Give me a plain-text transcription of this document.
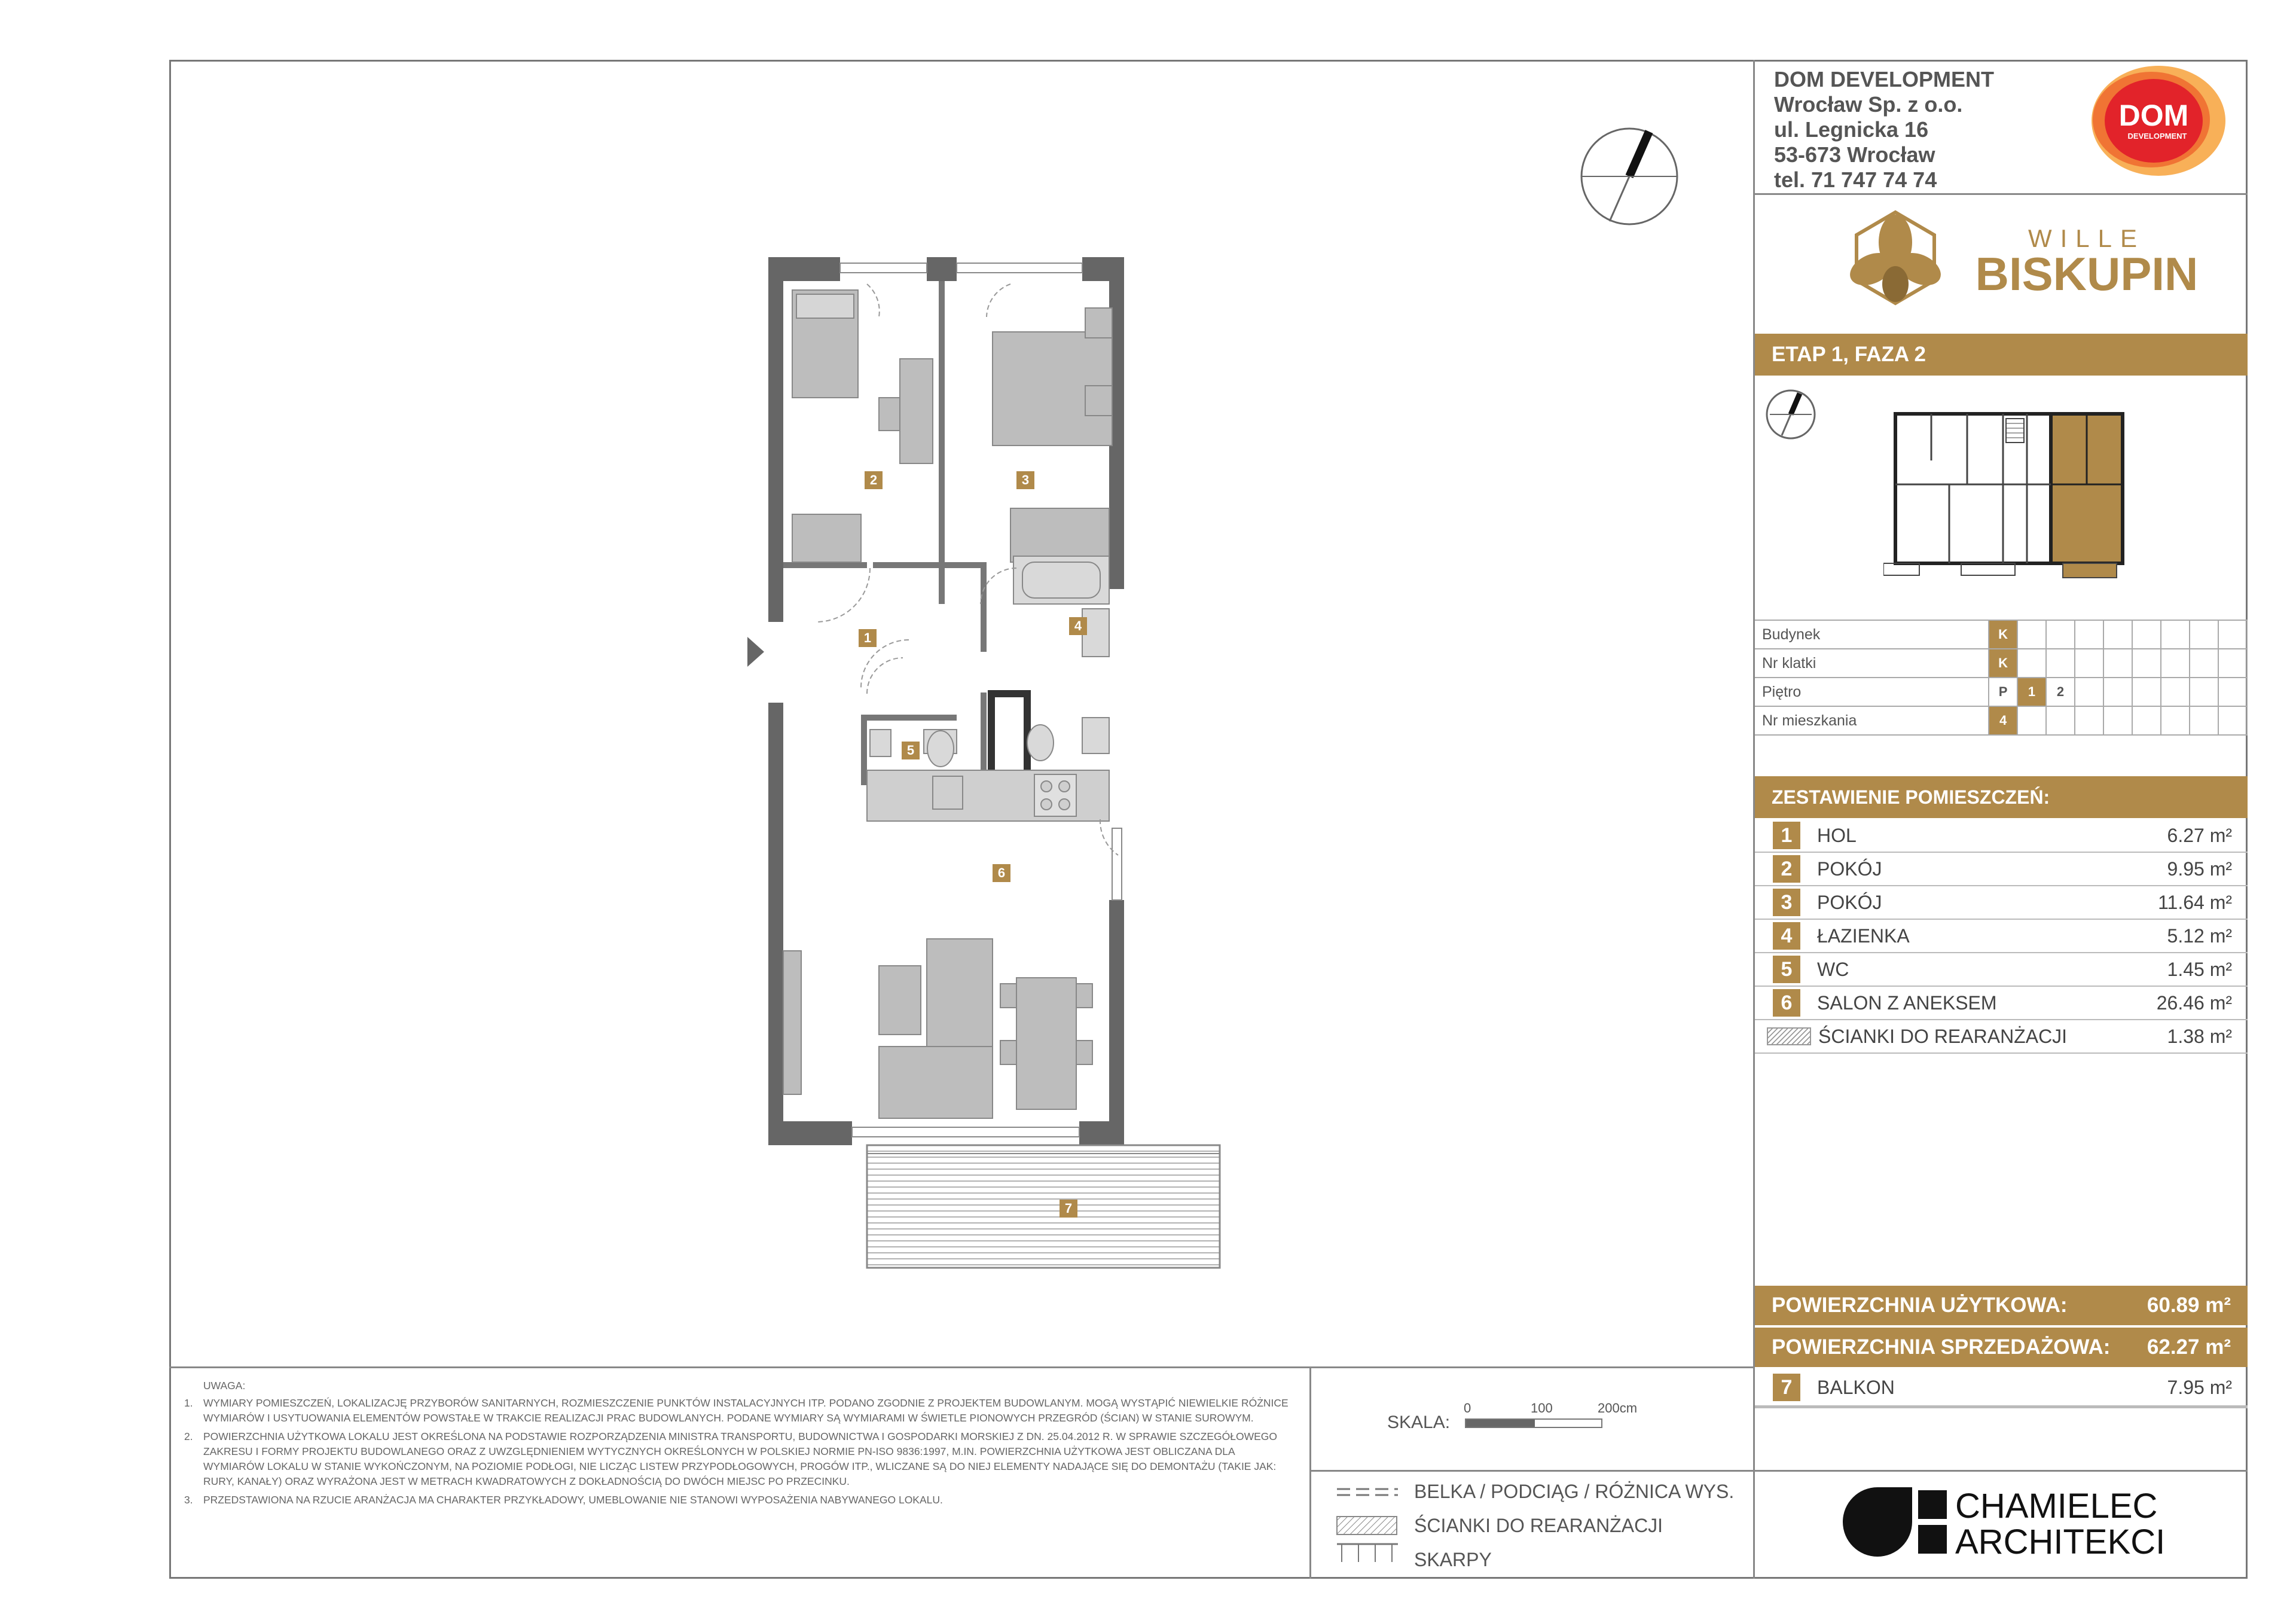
DOM DEVELOPMENT
Wrocław Sp. z o.o.
ul. Legnicka 16
53-673 Wrocław
tel. 71 747 74 74
DOM
DEVELOPMENT
WILLE
BISKUPIN
ETAP 1, FAZA 2
Budynek	K								
Nr klatki	K								
Piętro	P	1	2						
Nr mieszkania	4								
ZESTAWIENIE POMIESZCZEŃ:
1	HOL	6.27 m²
2	POKÓJ	9.95 m²
3	POKÓJ	11.64 m²
4	ŁAZIENKA	5.12 m²
5	WC	1.45 m²
6	SALON Z ANEKSEM	26.46 m²
ŚCIANKI DO REARANŻACJI	1.38 m²
POWIERZCHNIA UŻYTKOWA:	60.89 m²
POWIERZCHNIA SPRZEDAŻOWA: 62.27 m²
7	BALKON	7.95 m²
CHAMIELEC
ARCHITEKCI
UWAGA:

1. WYMIARY POMIESZCZEŃ, LOKALIZACJĘ PRZYBORÓW SANITARNYCH, ROZMIESZCZENIE PUNKTÓW INSTALACYJNYCH ITP. PODANO ZGODNIE Z PROJEKTEM BUDOWLANYM. MOGĄ WYSTĄPIĆ NIEWIELKIE RÓŻNICE WYMIARÓW I USYTUOWANIA ELEMENTÓW POWSTAŁE W TRAKCIE REALIZACJI PRAC BUDOWLANYCH. PODANE WYMIARY SĄ WYMIARAMI W ŚWIETLE PIONOWYCH PRZEGRÓD (ŚCIAN) W STANIE SUROWYM.

2. POWIERZCHNIA UŻYTKOWA LOKALU JEST OKREŚLONA NA PODSTAWIE ROZPORZĄDZENIA MINISTRA TRANSPORTU, BUDOWNICTWA I GOSPODARKI MORSKIEJ Z DN. 25.04.2012 R. W SPRAWIE SZCZEGÓŁOWEGO ZAKRESU I FORMY PROJEKTU BUDOWLANEGO ORAZ Z UWZGLĘDNIENIEM WYTYCZNYCH OKREŚLONYCH W POLSKIEJ NORMIE PN-ISO 9836:1997, M.IN. POWIERZCHNIA UŻYTKOWA JEST OBLICZANA DLA WYMIARÓW LOKALU W STANIE WYKOŃCZONYM, NA POZIOMIE PODŁOGI, NIE LICZĄC LISTEW PRZYPODŁOGOWYCH, PROGÓW ITP., WLICZANE SĄ DO NIEJ ELEMENTY NADAJĄCE SIĘ DO DEMONTAŻU (TAKIE JAK: RURY, KANAŁY) ORAZ WYRAŻONA JEST W METRACH KWADRATOWYCH Z DOKŁADNOŚCIĄ DO DWÓCH MIEJSC PO PRZECINKU.

3. PRZEDSTAWIONA NA RZUCIE ARANŻACJA MA CHARAKTER PRZYKŁADOWY, UMEBLOWANIE NIE STANOWI WYPOSAŻENIA NABYWANEGO LOKALU.

SKALA:
0	100	200cm
BELKA / PODCIĄG / RÓŻNICA WYS.
ŚCIANKI DO REARANŻACJI
SKARPY
1
2	3
4
5
6
7
